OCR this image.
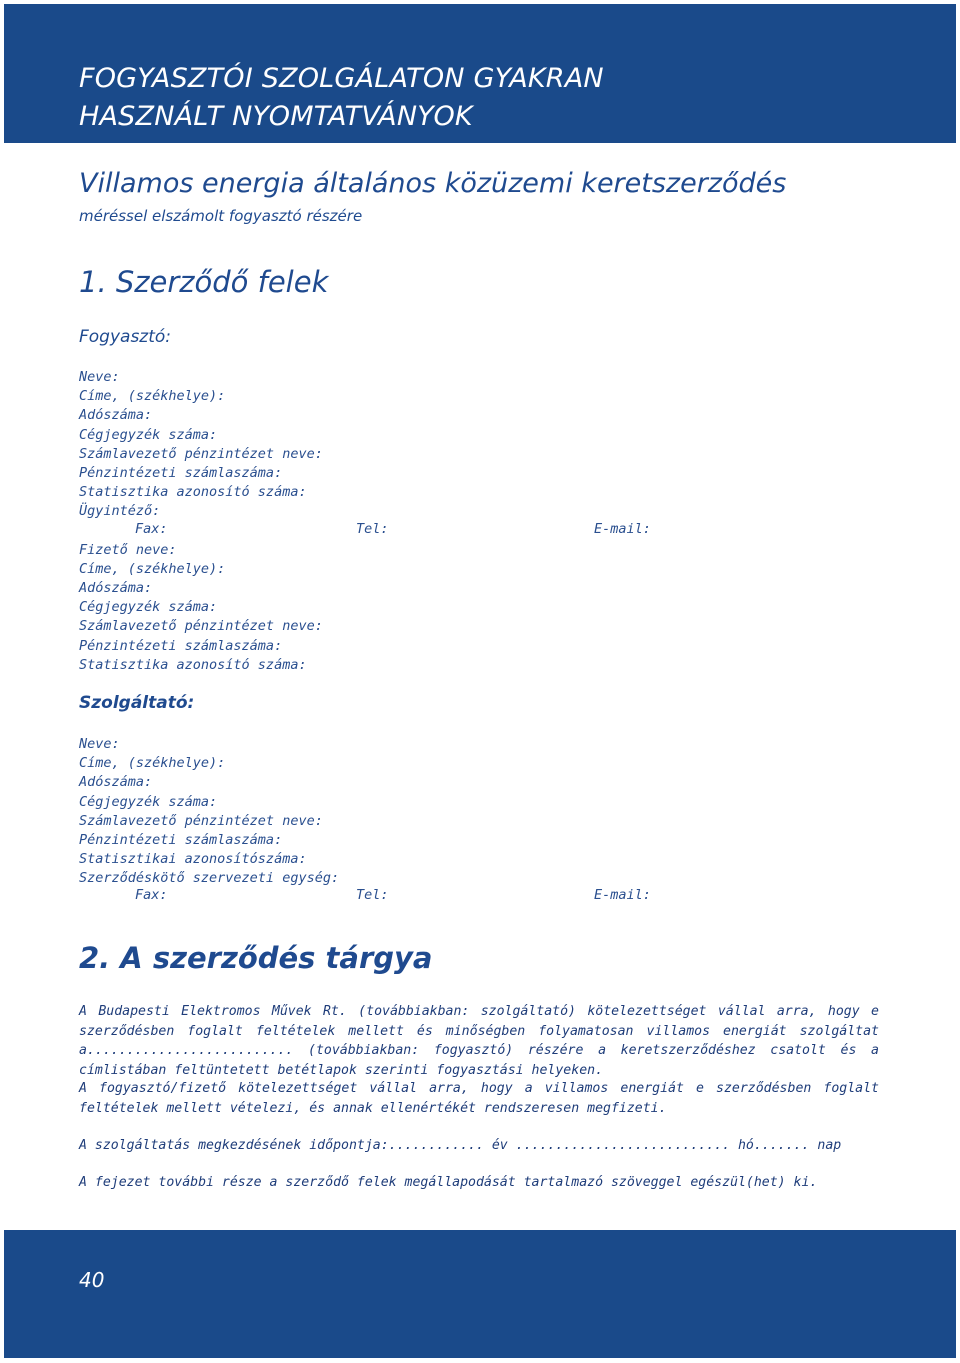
FOGYASZTÓI SZOLGÁLATON GYAKRAN
HASZNÁLT NYOMTATVÁNYOK
Villamos energia általános közüzemi keretszerződés

méréssel elszámolt fogyasztó részére

1. Szerződő felek
Fogyasztó:
Neve:
Címe, (székhelye):
Adószáma:
Cégjegyzék száma:
Számlavezető pénzintézet neve:
Pénzintézeti számlaszáma:
Statisztika azonosító száma:
Ügyintéző:
Fizető neve:
Címe, (székhelye):
Adószáma:
Cégjegyzék száma:
Számlavezető pénzintézet neve:
Pénzintézeti számlaszáma:
Statisztika azonosító száma:
Fax:	Tel:	E-mail:
Szolgáltató:
Neve:
Címe, (székhelye):
Adószáma:
Cégjegyzék száma:
Számlavezető pénzintézet neve:
Pénzintézeti számlaszáma:
Statisztikai azonosítószáma:
Szerződéskötő szervezeti egység:
Fax:	Tel:	E-mail:
2. A szerződés tárgya

A Budapesti Elektromos Művek Rt. (továbbiakban: szolgáltató) kötelezettséget vállal arra, hogy e szerződésben foglalt feltételek mellett és minőségben folyamatosan villamos energiát szolgáltat a.......................... (továbbiakban: fogyasztó) részére a keretszerződéshez csatolt és a címlistában feltüntetett betétlapok szerinti fogyasztási helyeken.

A fogyasztó/fizető kötelezettséget vállal arra, hogy a villamos energiát e szerződésben foglalt feltételek mellett vételezi, és annak ellenértékét rendszeresen megfizeti.

A szolgáltatás megkezdésének időpontja:............ év ........................... hó....... nap

A fejezet további része a szerződő felek megállapodását tartalmazó szöveggel egészül(het) ki.

40
